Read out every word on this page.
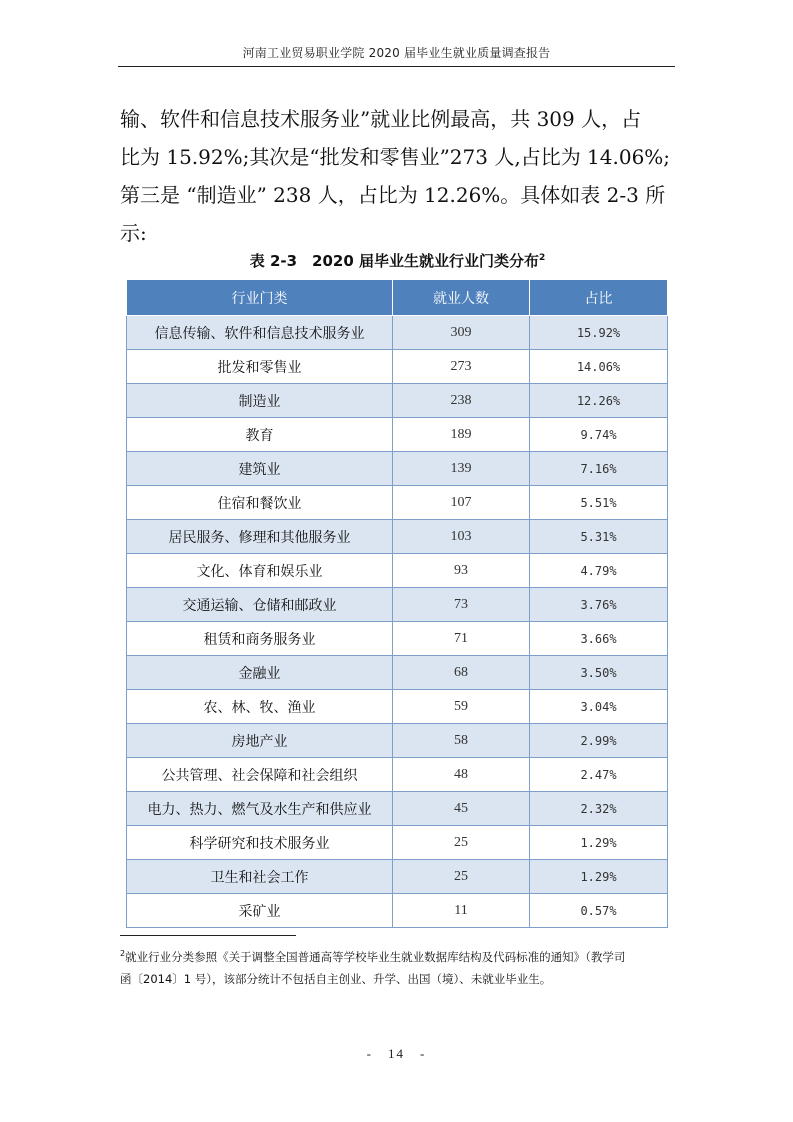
河南工业贸易职业学院 2020 届毕业生就业质量调查报告

输、软件和信息技术服务业”就业比例最高，共 309 人，占

比为 15.92%;其次是“批发和零售业”273 人,占比为 14.06%;

第三是 “制造业” 238 人，占比为 12.26%。具体如表 2-3 所

示:

表 2-3　2020 届毕业生就业行业门类分布$^2$
行业门类	就业人数	占比
信息传输、软件和信息技术服务业	309	15.92%
批发和零售业	273	14.06%
制造业	238	12.26%
教育	189	9.74%
建筑业	139	7.16%
住宿和餐饮业	107	5.51%
居民服务、修理和其他服务业	103	5.31%
文化、体育和娱乐业	93	4.79%
交通运输、仓储和邮政业	73	3.76%
租赁和商务服务业	71	3.66%
金融业	68	3.50%
农、林、牧、渔业	59	3.04%
房地产业	58	2.99%
公共管理、社会保障和社会组织	48	2.47%
电力、热力、燃气及水生产和供应业	45	2.32%
科学研究和技术服务业	25	1.29%
卫生和社会工作	25	1.29%
采矿业	11	0.57%
$^2$就业行业分类参照《关于调整全国普通高等学校毕业生就业数据库结构及代码标准的通知》（教学司
函〔2014〕1 号），该部分统计不包括自主创业、升学、出国（境）、未就业毕业生。
-　14　-
